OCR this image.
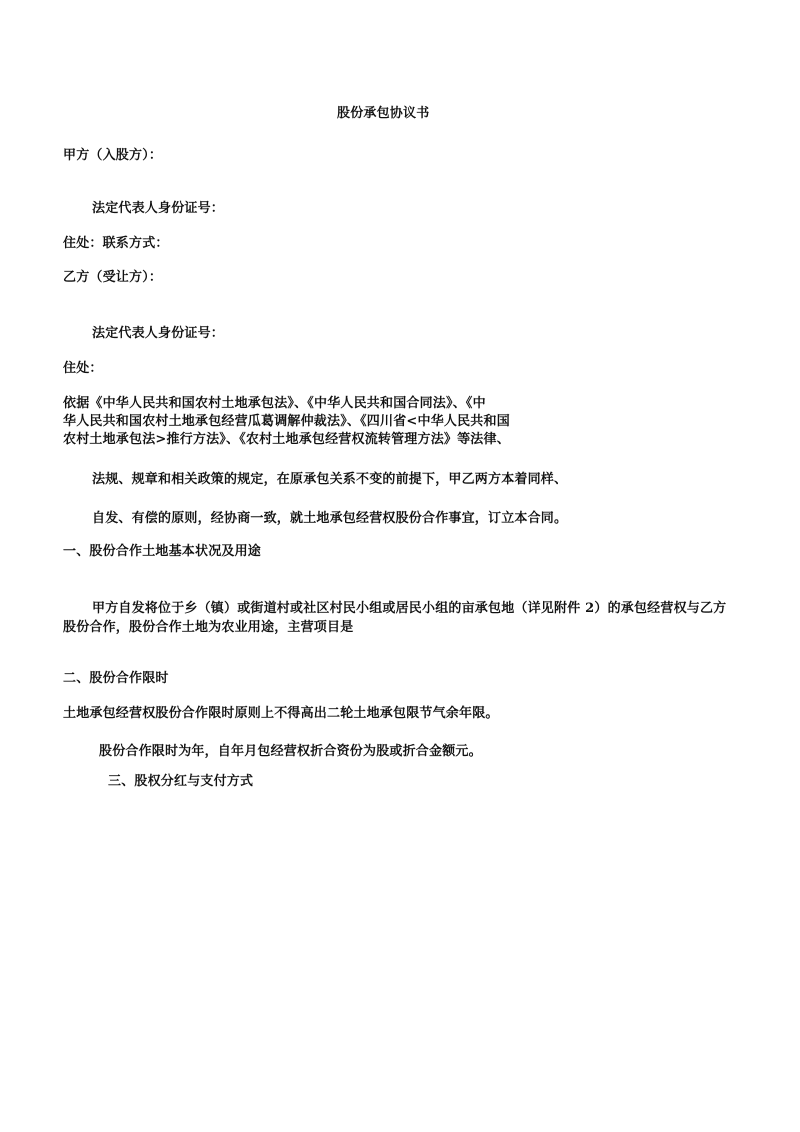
股份承包协议书
甲方（入股方）：
法定代表人身份证号：
住处：联系方式：
乙方（受让方）：
法定代表人身份证号：
住处：
依据《中华人民共和国农村土地承包法》、《中华人民共和国合同法》、《中
华人民共和国农村土地承包经营瓜葛调解仲裁法》、《四川省<中华人民共和国
农村土地承包法>推行方法》、《农村土地承包经营权流转管理方法》等法律、
法规、规章和相关政策的规定，在原承包关系不变的前提下，甲乙两方本着同样、
自发、有偿的原则，经协商一致，就土地承包经营权股份合作事宜，订立本合同。
一、股份合作土地基本状况及用途
甲方自发将位于乡（镇）或街道村或社区村民小组或居民小组的亩承包地（详见附件 2）的承包经营权与乙方
股份合作，股份合作土地为农业用途，主营项目是
二、股份合作限时
土地承包经营权股份合作限时原则上不得高出二轮土地承包限节气余年限。
股份合作限时为年，自年月包经营权折合资份为股或折合金额元。
三、股权分红与支付方式
